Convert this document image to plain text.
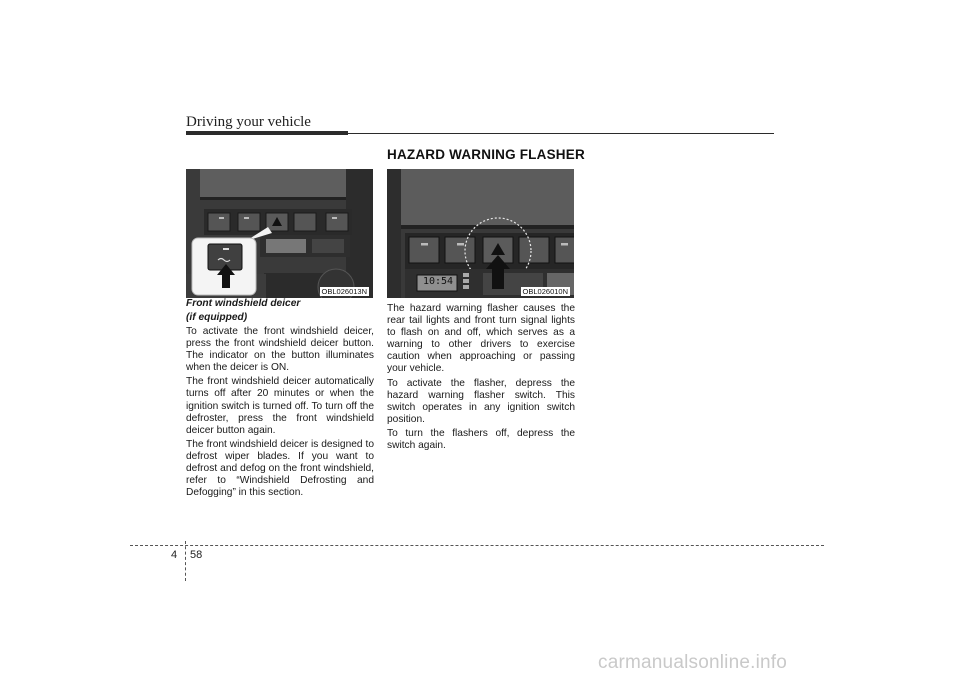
Driving your vehicle
HAZARD WARNING FLASHER
OBL026013N
10:54
OBL026010N

Front windshield deicer

(if equipped)

To activate the front windshield deicer, press the front windshield deicer button. The indicator on the button illuminates when the deicer is ON.

The front windshield deicer automatically turns off after 20 minutes or when the ignition switch is turned off. To turn off the defroster, press the front windshield deicer button again.

The front windshield deicer is designed to defrost wiper blades. If you want to defrost and defog on the front windshield, refer to “Windshield Defrosting and Defogging” in this section.

The hazard warning flasher causes the rear tail lights and front turn signal lights to flash on and off, which serves as a warning to other drivers to exercise caution when approaching or passing your vehicle.

To activate the flasher, depress the hazard warning flasher switch. This switch operates in any ignition switch position.

To turn the flashers off, depress the switch again.

4 58
carmanualsonline.info
